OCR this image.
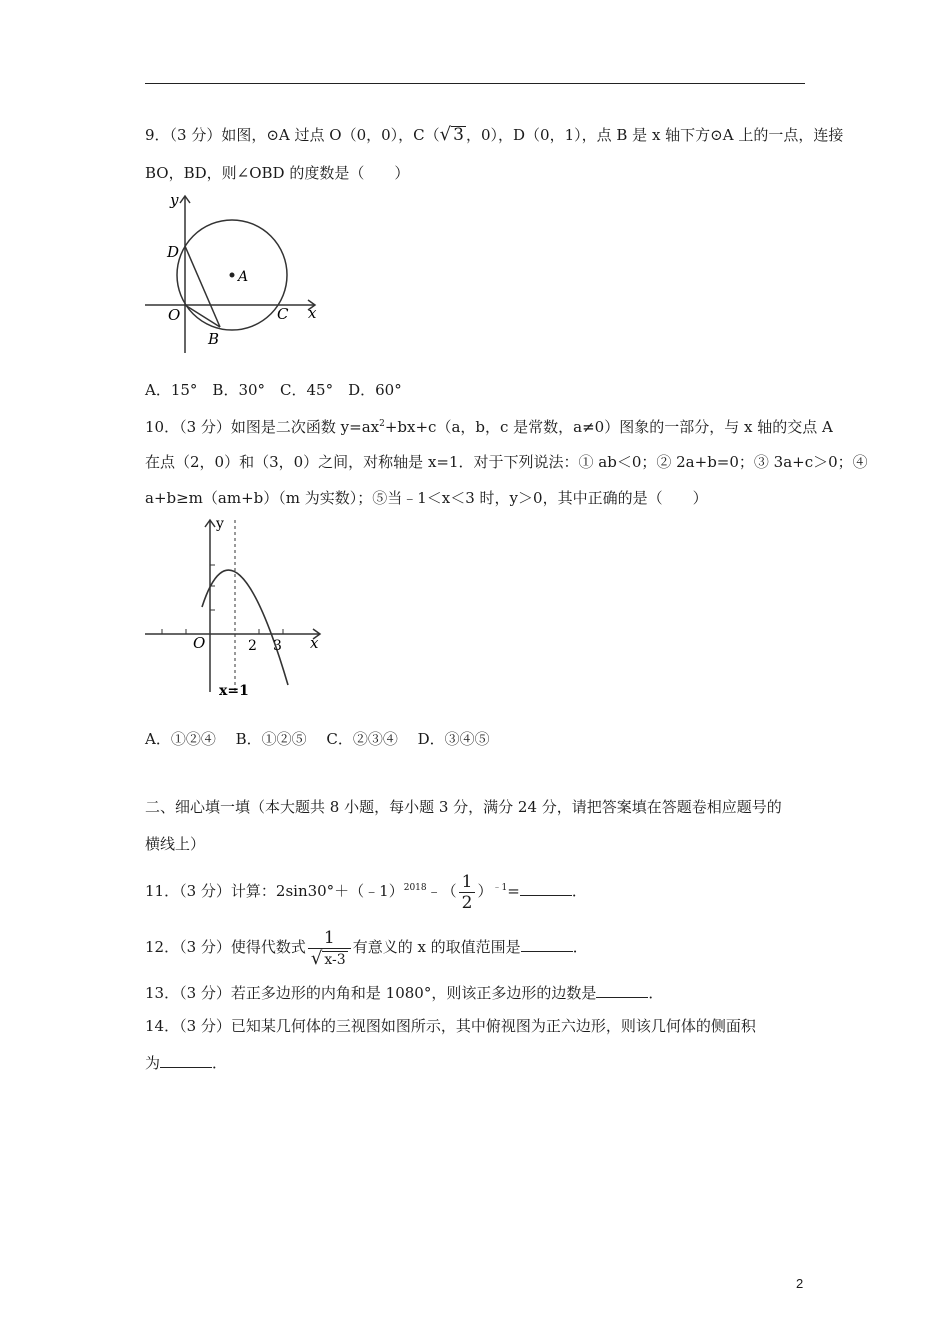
9．（3 分）如图，⊙A 过点 O（0，0），C（√ 3 ，0），D（0，1），点 B 是 x 轴下方⊙A 上的一点，连接
BO，BD，则∠OBD 的度数是（　　）
y
x
D
A
O	C
B
A．15°　B．30°　C．45°　D．60°
10．（3 分）如图是二次函数 $y=ax^2+bx+c(a$，b，c 是常数，a≠0）图象的一部分，与 x 轴的交点 A
在点（2，0）和（3，0）之间，对称轴是 x=1．对于下列说法：① ab＜0；② 2a+b=0；③ 3a+c＞0；④
a+b≥m（am+b）（m 为实数）；⑤当﹣1＜x＜3 时，y＞0，其中正确的是（　　）
y
x
O	2 3
x=1
A．①②④　 B．①②⑤　 C．②③④　 D．③④⑤
二、细心填一填（本大题共 8 小题，每小题 3 分，满分 24 分，请把答案填在答题卷相应题号的
横线上）
11．（3 分）计算：2sin30°＋（﹣1）$^{2018}$﹣（ $\frac{1}{2} )^{﹣1}=$	．
12．（3 分）使得代数式 $\frac{1}{√ x-3}$ 有意义的 x 的取值范围是	．
13．（3 分）若正多边形的内角和是 1080°，则该正多边形的边数是	．
14．（3 分）已知某几何体的三视图如图所示，其中俯视图为正六边形，则该几何体的侧面积
为	．
2
